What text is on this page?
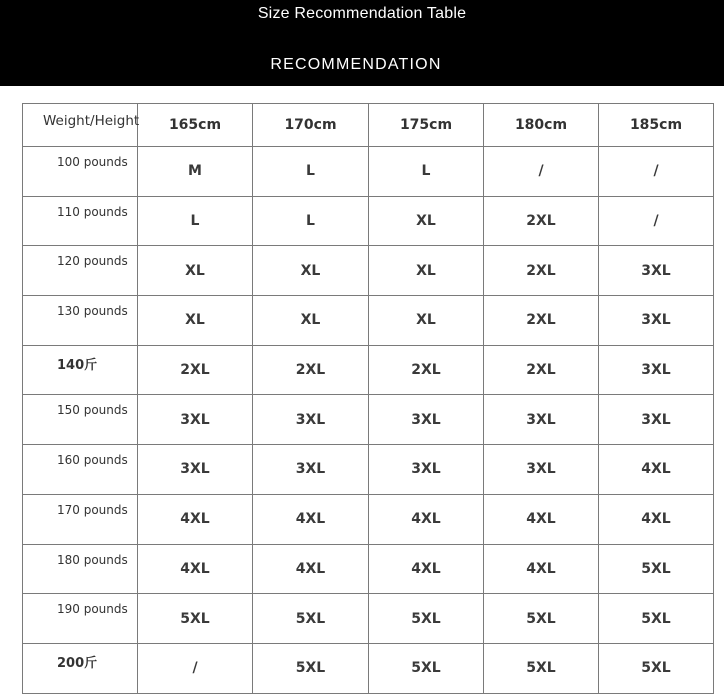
Size Recommendation Table
RECOMMENDATION
Weight/Height	165cm	170cm	175cm	180cm	185cm
100 pounds	M	L	L	/	/
110 pounds	L	L	XL	2XL	/
120 pounds	XL	XL	XL	2XL	3XL
130 pounds	XL	XL	XL	2XL	3XL
140斤	2XL	2XL	2XL	2XL	3XL
150 pounds	3XL	3XL	3XL	3XL	3XL
160 pounds	3XL	3XL	3XL	3XL	4XL
170 pounds	4XL	4XL	4XL	4XL	4XL
180 pounds	4XL	4XL	4XL	4XL	5XL
190 pounds	5XL	5XL	5XL	5XL	5XL
200斤	/	5XL	5XL	5XL	5XL
